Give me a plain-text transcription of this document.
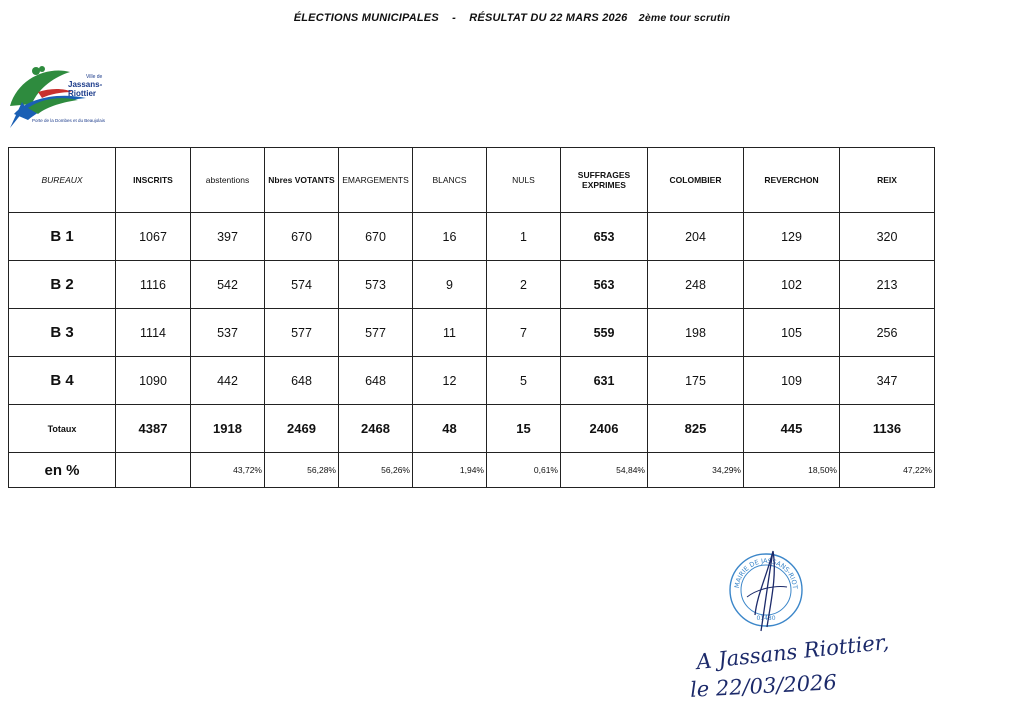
ÉLECTIONS MUNICIPALES - RÉSULTAT DU 22 MARS 2026 2ème tour scrutin
Ville de
Jassans-Riottier
Porte de la Dombes et du Beaujolais
BUREAUX	INSCRITS	abstentions	Nbres VOTANTS	EMARGEMENTS	BLANCS	NULS	SUFFRAGES EXPRIMES	COLOMBIER	REVERCHON	REIX
B 1	1067	397	670	670	16	1	653	204	129	320
B 2	1116	542	574	573	9	2	563	248	102	213
B 3	1114	537	577	577	11	7	559	198	105	256
B 4	1090	442	648	648	12	5	631	175	109	347
Totaux	4387	1918	2469	2468	48	15	2406	825	445	1136
en %		43,72%	56,28%	56,26%	1,94%	0,61%	54,84%	34,29%	18,50%	47,22%
MAIRIE DE JASSANS-RIOT
01480
A Jassans Riottier,
le 22/03/2026
